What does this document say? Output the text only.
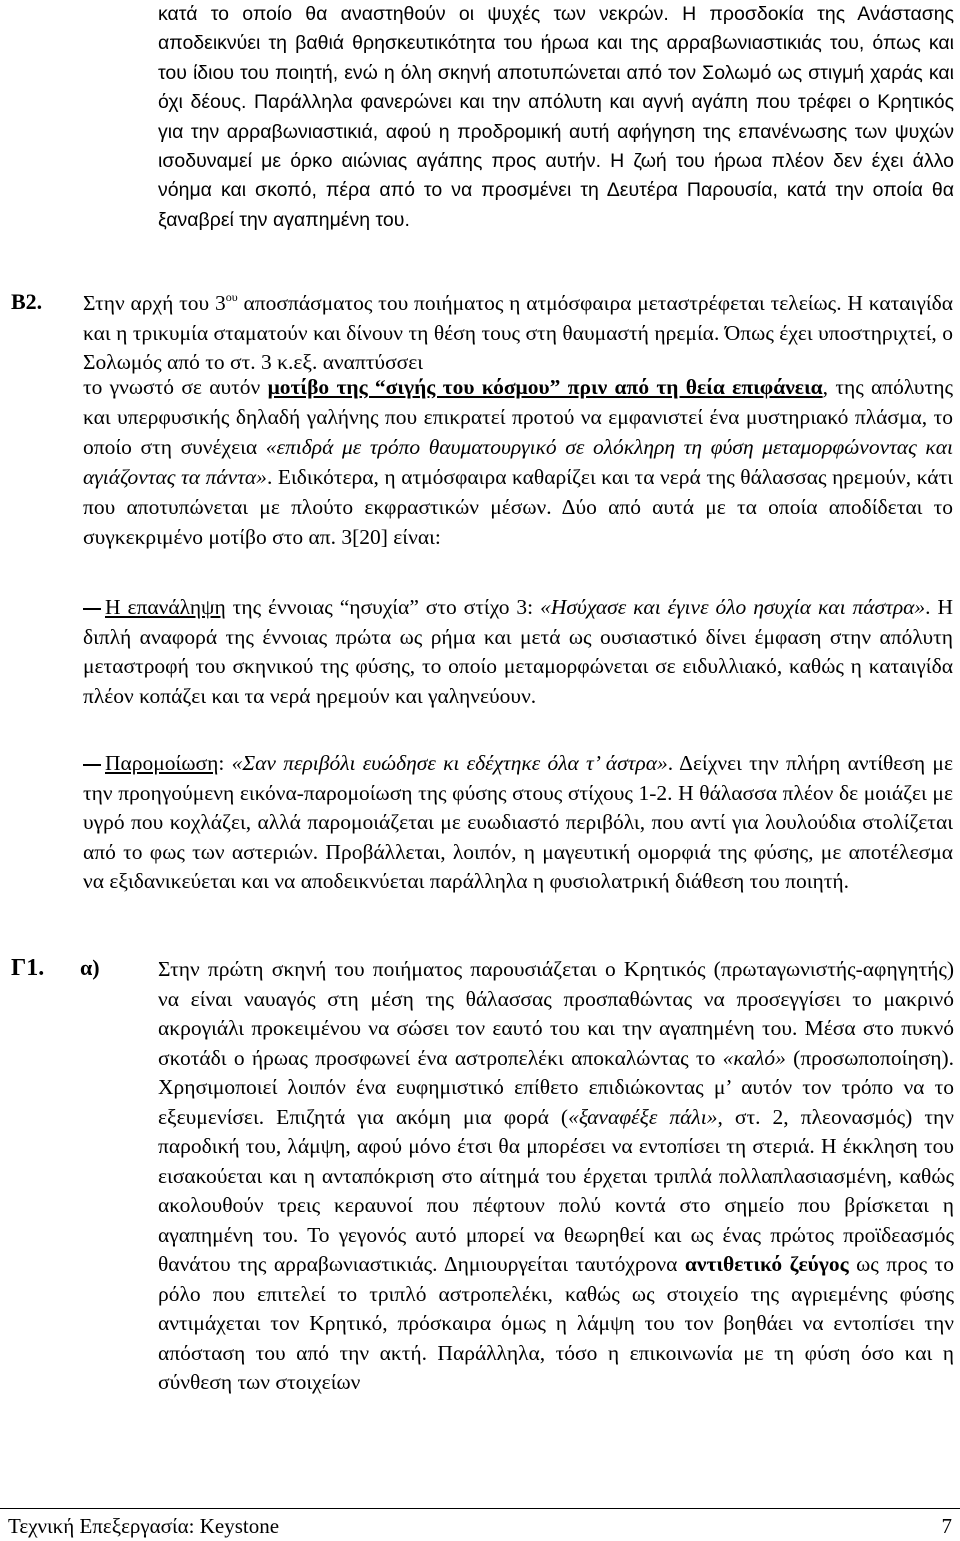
κατά το οποίο θα αναστηθούν οι ψυχές των νεκρών. Η προσδοκία της Ανάστασης αποδεικνύει τη βαθιά θρησκευτικότητα του ήρωα και της αρραβωνιαστικιάς του, όπως και του ίδιου του ποιητή, ενώ η όλη σκηνή αποτυπώνεται από τον Σολωμό ως στιγμή χαράς και όχι δέους. Παράλληλα φανερώνει και την απόλυτη και αγνή αγάπη που τρέφει ο Κρητικός για την αρραβωνιαστικιά, αφού η προδρομική αυτή αφήγηση της επανένωσης των ψυχών ισοδυναμεί με όρκο αιώνιας αγάπης προς αυτήν. Η ζωή του ήρωα πλέον δεν έχει άλλο νόημα και σκοπό, πέρα από το να προσμένει τη Δευτέρα Παρουσία, κατά την οποία θα ξαναβρεί την αγαπημένη του.

Β2. Στην αρχή του $3^{o\upsilon}$ αποσπάσματος του ποιήματος η ατμόσφαιρα μεταστρέφεται τελείως. Η καταιγίδα και η τρικυμία σταματούν και δίνουν τη θέση τους στη θαυμαστή ηρεμία. Όπως έχει υποστηριχτεί, ο Σολωμός από το στ. 3 κ.εξ. αναπτύσσει

το γνωστό σε αυτόν μοτίβο της “σιγής του κόσμου” πριν από τη θεία επιφάνεια, της απόλυτης και υπερφυσικής δηλαδή γαλήνης που επικρατεί προτού να εμφανιστεί ένα μυστηριακό πλάσμα, το οποίο στη συνέχεια «επιδρά με τρόπο θαυματουργικό σε ολόκληρη τη φύση μεταμορφώνοντας και αγιάζοντας τα πάντα». Ειδικότερα, η ατμόσφαιρα καθαρίζει και τα νερά της θάλασσας ηρεμούν, κάτι που αποτυπώνεται με πλούτο εκφραστικών μέσων. Δύο από αυτά με τα οποία αποδίδεται το συγκεκριμένο μοτίβο στο απ. 3[20] είναι:

Η επανάληψη της έννοιας “ησυχία” στο στίχο 3: «Ησύχασε και έγινε όλο ησυχία και πάστρα». Η διπλή αναφορά της έννοιας πρώτα ως ρήμα και μετά ως ουσιαστικό δίνει έμφαση στην απόλυτη μεταστροφή του σκηνικού της φύσης, το οποίο μεταμορφώνεται σε ειδυλλιακό, καθώς η καταιγίδα πλέον κοπάζει και τα νερά ηρεμούν και γαληνεύουν.

Παρομοίωση: «Σαν περιβόλι ευώδησε κι εδέχτηκε όλα τ’ άστρα». Δείχνει την πλήρη αντίθεση με την προηγούμενη εικόνα-παρομοίωση της φύσης στους στίχους 1-2. Η θάλασσα πλέον δε μοιάζει με υγρό που κοχλάζει, αλλά παρομοιάζεται με ευωδιαστό περιβόλι, που αντί για λουλούδια στολίζεται από το φως των αστεριών. Προβάλλεται, λοιπόν, η μαγευτική ομορφιά της φύσης, με αποτέλεσμα να εξιδανικεύεται και να αποδεικνύεται παράλληλα η φυσιολατρική διάθεση του ποιητή.

Γ1. α)	Στην πρώτη σκηνή του ποιήματος παρουσιάζεται ο Κρητικός (πρωταγωνιστής-αφηγητής) να είναι ναυαγός στη μέση της θάλασσας προσπαθώντας να προσεγγίσει το μακρινό ακρογιάλι προκειμένου να σώσει τον εαυτό του και την αγαπημένη του. Μέσα στο πυκνό σκοτάδι ο ήρωας προσφωνεί ένα αστροπελέκι αποκαλώντας το «καλό» (προσωποποίηση). Χρησιμοποιεί λοιπόν ένα ευφημιστικό επίθετο επιδιώκοντας μ’ αυτόν τον τρόπο να το εξευμενίσει. Επιζητά για ακόμη μια φορά («ξαναφέξε πάλι», στ. 2, πλεονασμός) την παροδική του, λάμψη, αφού μόνο έτσι θα μπορέσει να εντοπίσει τη στεριά. Η έκκληση του εισακούεται και η ανταπόκριση στο αίτημά του έρχεται τριπλά πολλαπλασιασμένη, καθώς ακολουθούν τρεις κεραυνοί που πέφτουν πολύ κοντά στο σημείο που βρίσκεται η αγαπημένη του. Το γεγονός αυτό μπορεί να θεωρηθεί και ως ένας πρώτος προϊδεασμός θανάτου της αρραβωνιαστικιάς. Δημιουργείται ταυτόχρονα αντιθετικό ζεύγος ως προς το ρόλο που επιτελεί το τριπλό αστροπελέκι, καθώς ως στοιχείο της αγριεμένης φύσης αντιμάχεται τον Κρητικό, πρόσκαιρα όμως η λάμψη του τον βοηθάει να εντοπίσει την απόσταση του από την ακτή. Παράλληλα, τόσο η επικοινωνία με τη φύση όσο και η σύνθεση των στοιχείων

Τεχνική Επεξεργασία: Keystone	7
